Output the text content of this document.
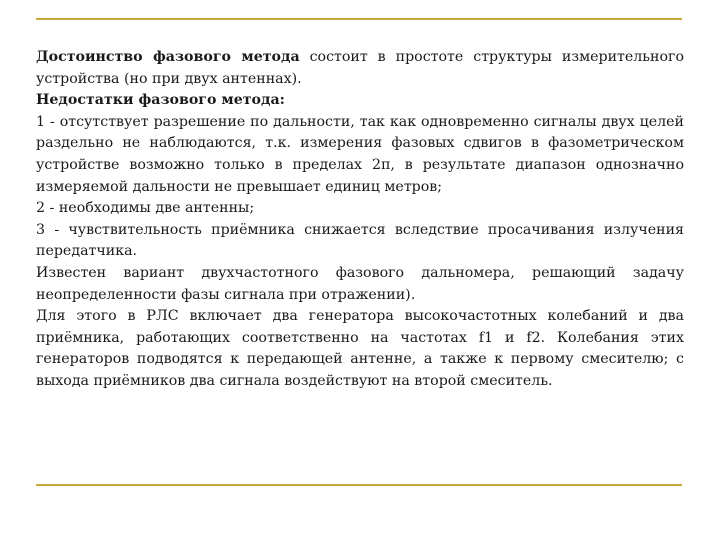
Достоинство фазового метода состоит в простоте структуры измерительного устройства (но при двух антеннах).

Недостатки фазового метода:

1 - отсутствует разрешение по дальности, так как одновременно сигналы двух целей раздельно не наблюдаются, т.к. измерения фазовых сдвигов в фазометрическом устройстве возможно только в пределах 2π, в результате диапазон однозначно измеряемой дальности не превышает единиц метров;

2 - необходимы две антенны;

3 - чувствительность приёмника снижается вследствие просачивания излучения передатчика.

Известен вариант двухчастотного фазового дальномера, решающий задачу неопределенности фазы сигнала при отражении).

Для этого в РЛС включает два генератора высокочастотных колебаний и два приёмника, работающих соответственно на частотах f1 и f2. Колебания этих генераторов подводятся к передающей антенне, а также к первому смесителю; с выхода приёмников два сигнала воздействуют на второй смеситель.
